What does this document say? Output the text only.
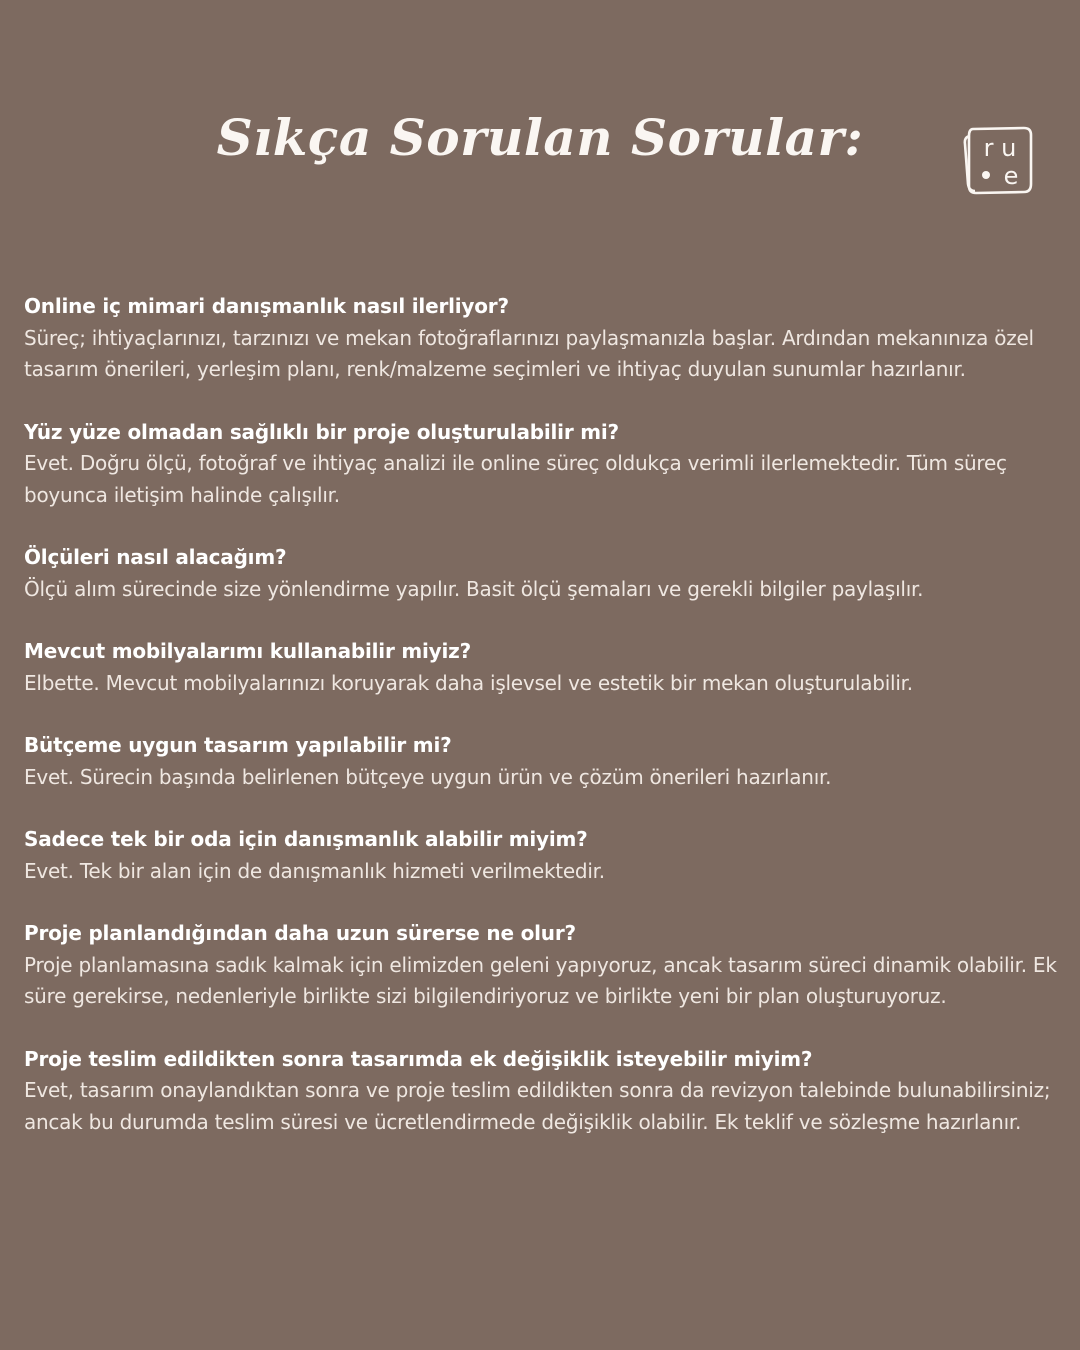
Sıkça Sorulan Sorular:	r u
e

Online iç mimari danışmanlık nasıl ilerliyor?

Süreç; ihtiyaçlarınızı, tarzınızı ve mekan fotoğraflarınızı paylaşmanızla başlar. Ardından mekanınıza özel tasarım önerileri, yerleşim planı, renk/malzeme seçimleri ve ihtiyaç duyulan sunumlar hazırlanır.

Yüz yüze olmadan sağlıklı bir proje oluşturulabilir mi?

Evet. Doğru ölçü, fotoğraf ve ihtiyaç analizi ile online süreç oldukça verimli ilerlemektedir. Tüm süreç boyunca iletişim halinde çalışılır.

Ölçüleri nasıl alacağım?

Ölçü alım sürecinde size yönlendirme yapılır. Basit ölçü şemaları ve gerekli bilgiler paylaşılır.

Mevcut mobilyalarımı kullanabilir miyiz?

Elbette. Mevcut mobilyalarınızı koruyarak daha işlevsel ve estetik bir mekan oluşturulabilir.

Bütçeme uygun tasarım yapılabilir mi?

Evet. Sürecin başında belirlenen bütçeye uygun ürün ve çözüm önerileri hazırlanır.

Sadece tek bir oda için danışmanlık alabilir miyim?

Evet. Tek bir alan için de danışmanlık hizmeti verilmektedir.

Proje planlandığından daha uzun sürerse ne olur?

Proje planlamasına sadık kalmak için elimizden geleni yapıyoruz, ancak tasarım süreci dinamik olabilir. Ek süre gerekirse, nedenleriyle birlikte sizi bilgilendiriyoruz ve birlikte yeni bir plan oluşturuyoruz.

Proje teslim edildikten sonra tasarımda ek değişiklik isteyebilir miyim?

Evet, tasarım onaylandıktan sonra ve proje teslim edildikten sonra da revizyon talebinde bulunabilirsiniz; ancak bu durumda teslim süresi ve ücretlendirmede değişiklik olabilir. Ek teklif ve sözleşme hazırlanır.
